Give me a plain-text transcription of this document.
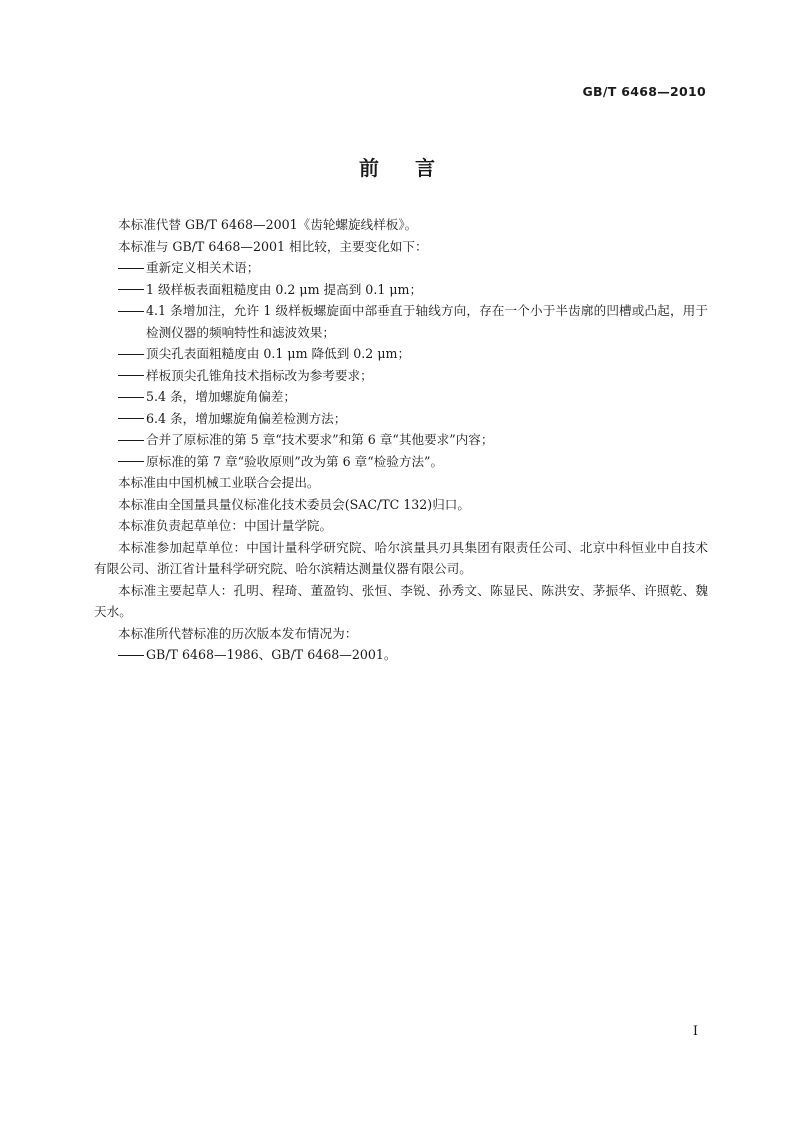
GB/T 6468—2010
前言

本标准代替 GB/T 6468—2001《齿轮螺旋线样板》。

本标准与 GB/T 6468—2001 相比较，主要变化如下：

重新定义相关术语；

1 级样板表面粗糙度由 0.2 μm 提高到 0.1 μm；

4.1 条增加注，允许 1 级样板螺旋面中部垂直于轴线方向，存在一个小于半齿廓的凹槽或凸起，用于检测仪器的频响特性和滤波效果；

顶尖孔表面粗糙度由 0.1 μm 降低到 0.2 μm；

样板顶尖孔锥角技术指标改为参考要求；

5.4 条，增加螺旋角偏差；

6.4 条，增加螺旋角偏差检测方法；

合并了原标准的第 5 章“技术要求”和第 6 章“其他要求”内容；

原标准的第 7 章“验收原则”改为第 6 章“检验方法”。

本标准由中国机械工业联合会提出。

本标准由全国量具量仪标准化技术委员会(SAC/TC 132)归口。

本标准负责起草单位：中国计量学院。

本标准参加起草单位：中国计量科学研究院、哈尔滨量具刃具集团有限责任公司、北京中科恒业中自技术有限公司、浙江省计量科学研究院、哈尔滨精达测量仪器有限公司。

本标准主要起草人：孔明、程琦、董盈钧、张恒、李锐、孙秀文、陈显民、陈洪安、茅振华、许照乾、魏天水。

本标准所代替标准的历次版本发布情况为：

GB/T 6468—1986、GB/T 6468—2001。

I
